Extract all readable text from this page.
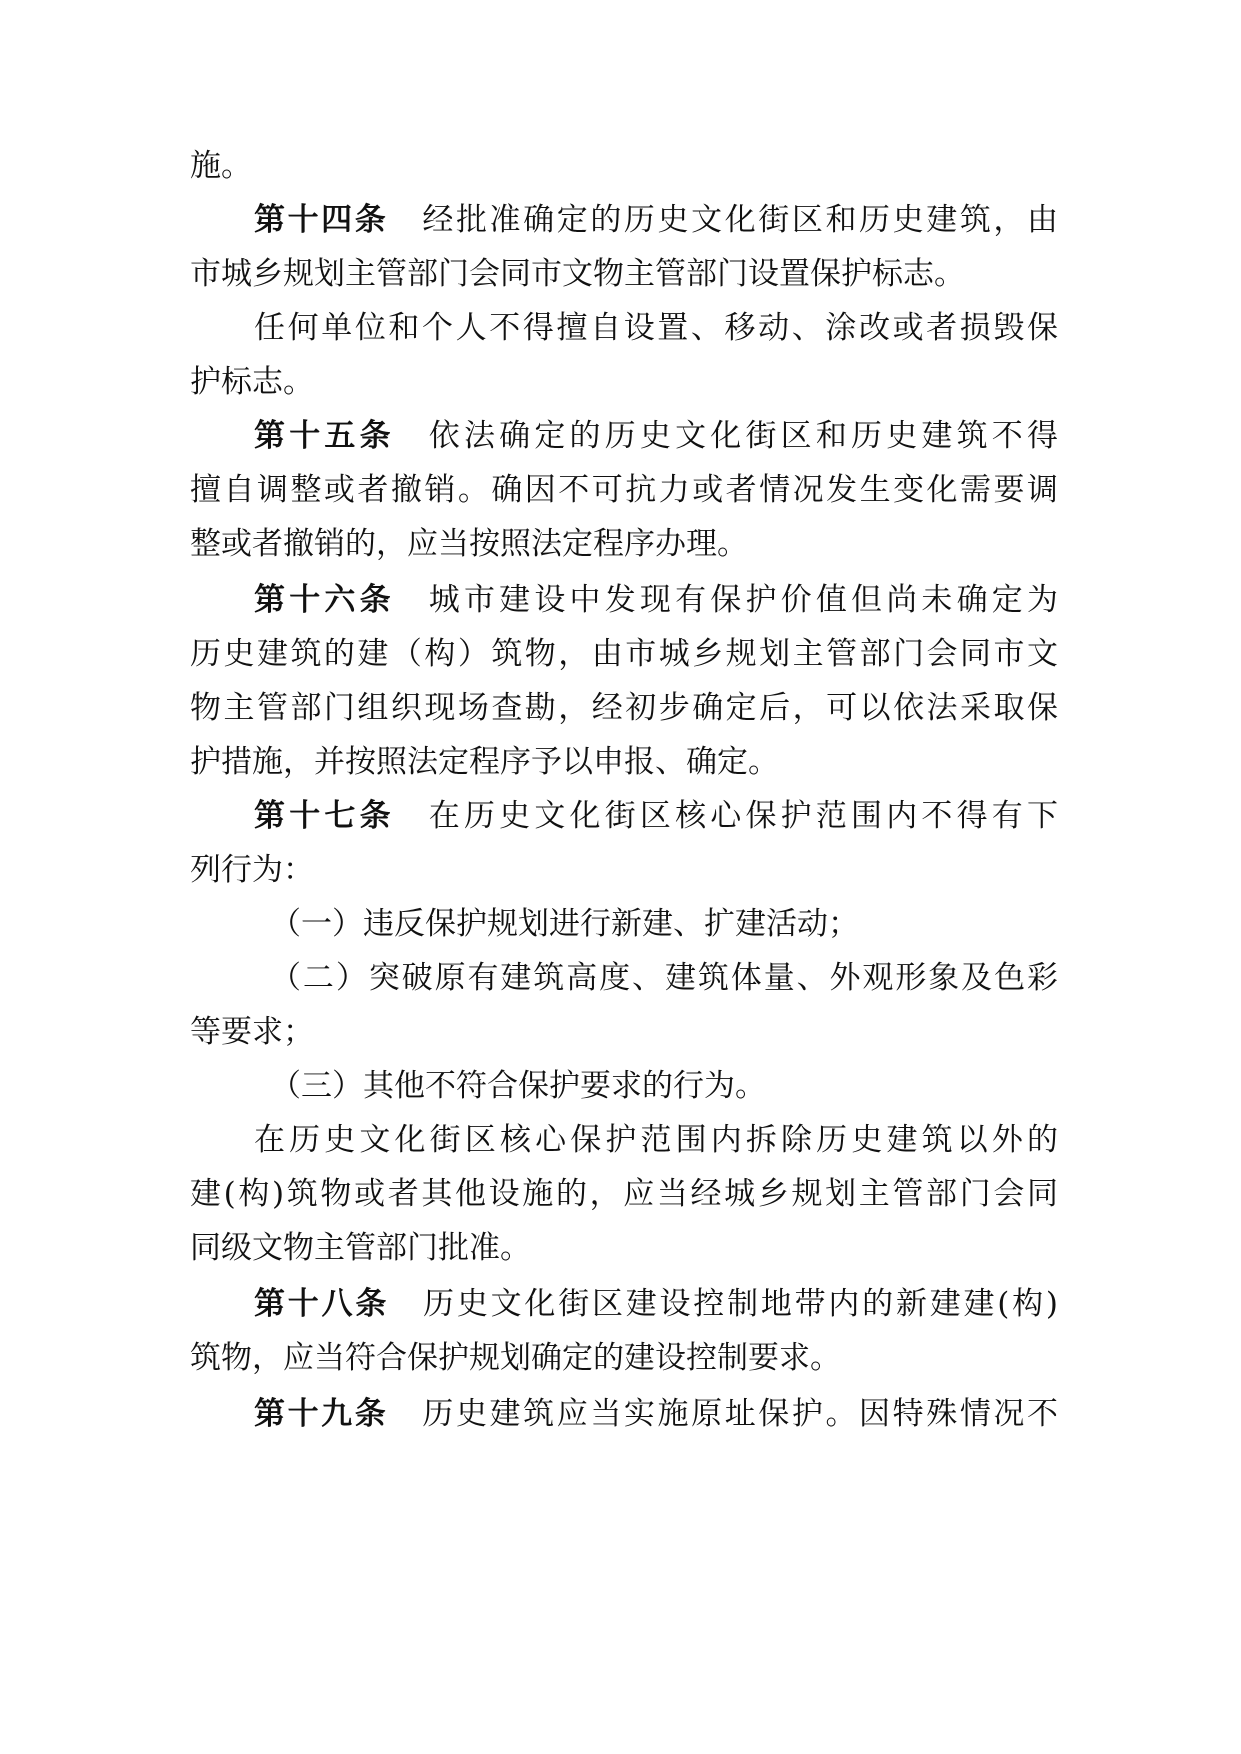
施。
第十四条 经批准确定的历史文化街区和历史建筑，由
市城乡规划主管部门会同市文物主管部门设置保护标志。
任何单位和个人不得擅自设置、移动、涂改或者损毁保
护标志。
第十五条 依法确定的历史文化街区和历史建筑不得
擅自调整或者撤销。确因不可抗力或者情况发生变化需要调
整或者撤销的，应当按照法定程序办理。
第十六条 城市建设中发现有保护价值但尚未确定为
历史建筑的建（构）筑物，由市城乡规划主管部门会同市文
物主管部门组织现场查勘，经初步确定后，可以依法采取保
护措施，并按照法定程序予以申报、确定。
第十七条 在历史文化街区核心保护范围内不得有下
列行为：
（一）违反保护规划进行新建、扩建活动；
（二）突破原有建筑高度、建筑体量、外观形象及色彩
等要求；
（三）其他不符合保护要求的行为。
在历史文化街区核心保护范围内拆除历史建筑以外的
建(构)筑物或者其他设施的，应当经城乡规划主管部门会同
同级文物主管部门批准。
第十八条 历史文化街区建设控制地带内的新建建(构)
筑物，应当符合保护规划确定的建设控制要求。
第十九条 历史建筑应当实施原址保护。因特殊情况不
